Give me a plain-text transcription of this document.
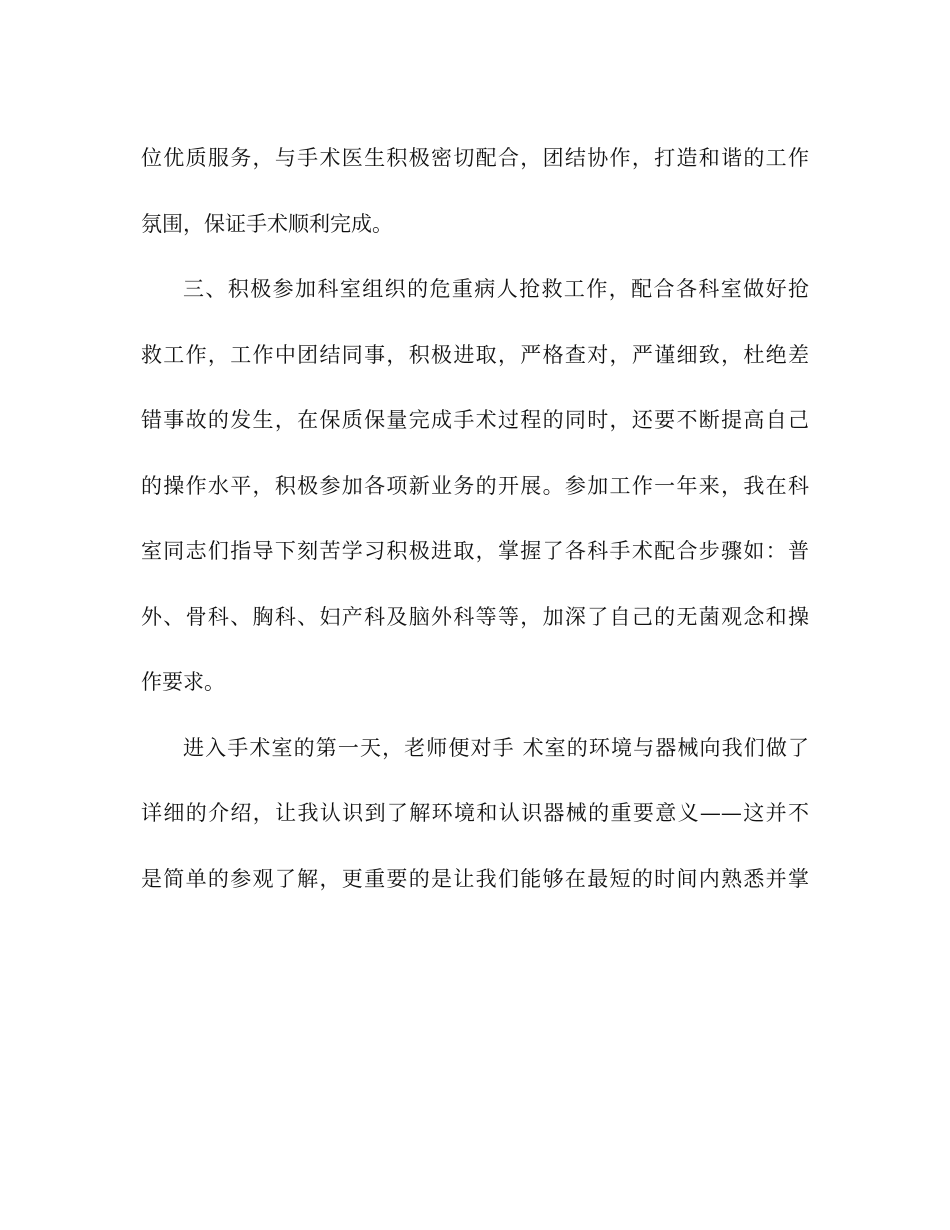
位优质服务，与手术医生积极密切配合，团结协作，打造和谐的工作
氛围，保证手术顺利完成。
三、积极参加科室组织的危重病人抢救工作，配合各科室做好抢
救工作，工作中团结同事，积极进取，严格查对，严谨细致，杜绝差
错事故的发生，在保质保量完成手术过程的同时，还要不断提高自己
的操作水平，积极参加各项新业务的开展。参加工作一年来，我在科
室同志们指导下刻苦学习积极进取，掌握了各科手术配合步骤如：普
外、骨科、胸科、妇产科及脑外科等等，加深了自己的无菌观念和操
作要求。
进入手术室的第一天，老师便对手 术室的环境与器械向我们做了
详细的介绍，让我认识到了解环境和认识器械的重要意义——这并不
是简单的参观了解，更重要的是让我们能够在最短的时间内熟悉并掌
